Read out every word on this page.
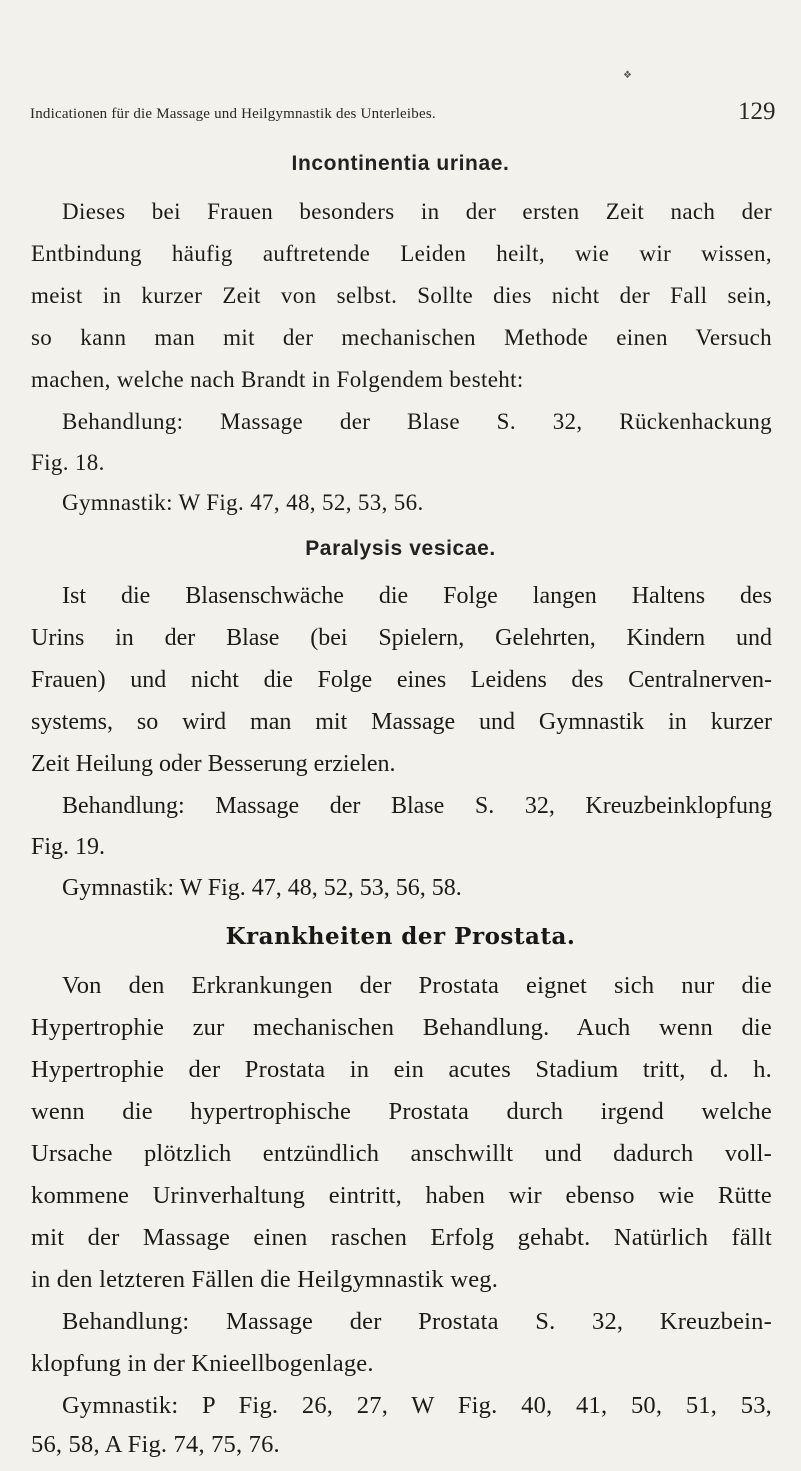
❖
Indicationen für die Massage und Heilgymnastik des Unterleibes.	129
Incontinentia urinae.
Dieses bei Frauen besonders in der ersten Zeit nach der
Entbindung häufig auftretende Leiden heilt, wie wir wissen,
meist in kurzer Zeit von selbst. Sollte dies nicht der Fall sein,
so kann man mit der mechanischen Methode einen Versuch
machen, welche nach Brandt in Folgendem besteht:
Behandlung: Massage der Blase S. 32, Rückenhackung
Fig. 18.
Gymnastik: W Fig. 47, 48, 52, 53, 56.
Paralysis vesicae.
Ist die Blasenschwäche die Folge langen Haltens des
Urins in der Blase (bei Spielern, Gelehrten, Kindern und
Frauen) und nicht die Folge eines Leidens des Centralnerven-
systems, so wird man mit Massage und Gymnastik in kurzer
Zeit Heilung oder Besserung erzielen.
Behandlung: Massage der Blase S. 32, Kreuzbeinklopfung
Fig. 19.
Gymnastik: W Fig. 47, 48, 52, 53, 56, 58.
Krankheiten der Prostata.
Von den Erkrankungen der Prostata eignet sich nur die
Hypertrophie zur mechanischen Behandlung. Auch wenn die
Hypertrophie der Prostata in ein acutes Stadium tritt, d. h.
wenn die hypertrophische Prostata durch irgend welche
Ursache plötzlich entzündlich anschwillt und dadurch voll-
kommene Urinverhaltung eintritt, haben wir ebenso wie Rütte
mit der Massage einen raschen Erfolg gehabt. Natürlich fällt
in den letzteren Fällen die Heilgymnastik weg.
Behandlung: Massage der Prostata S. 32, Kreuzbein-
klopfung in der Knieellbogenlage.
Gymnastik: P Fig. 26, 27, W Fig. 40, 41, 50, 51, 53,
56, 58, A Fig. 74, 75, 76.
